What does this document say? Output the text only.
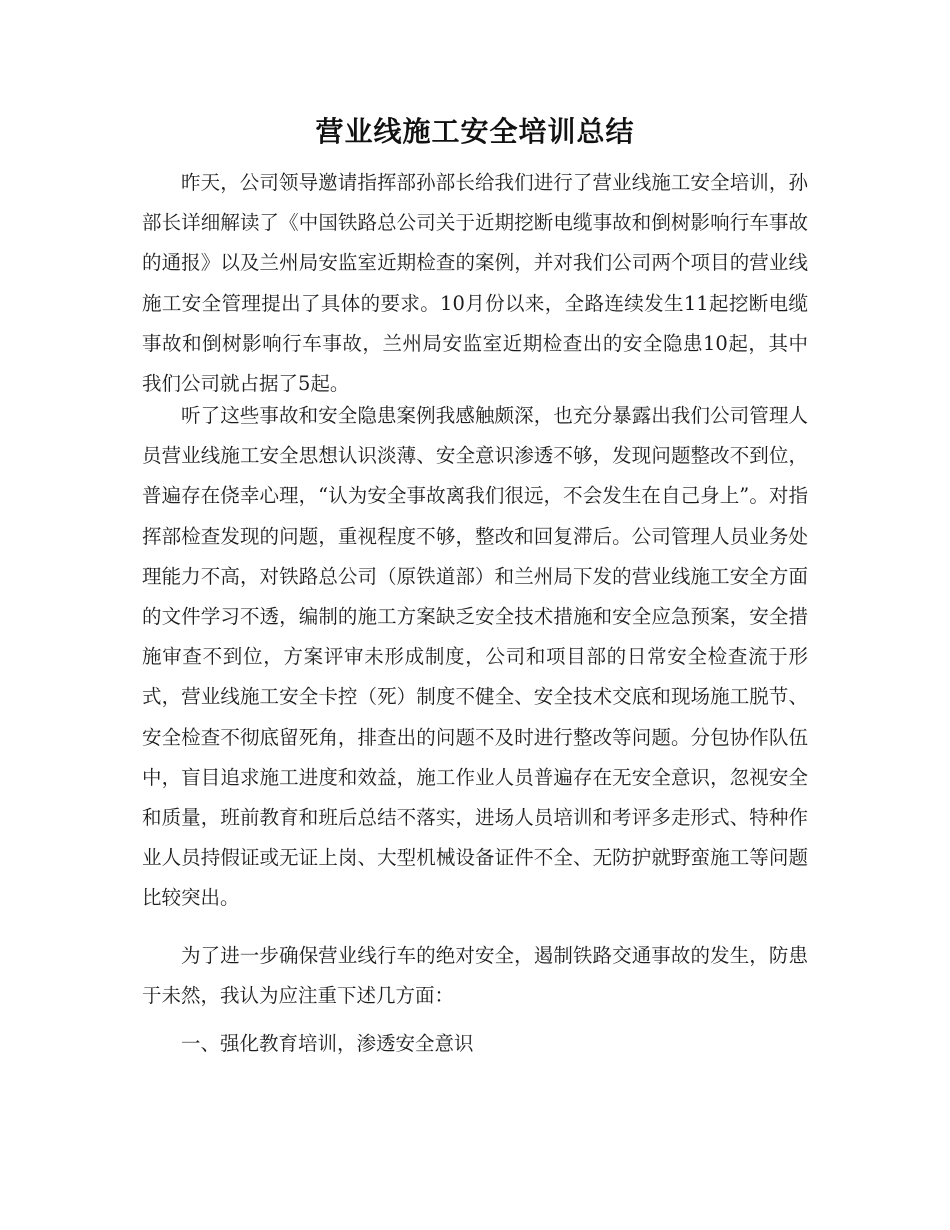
营业线施工安全培训总结

昨天，公司领导邀请指挥部孙部长给我们进行了营业线施工安全培训，孙部长详细解读了《中国铁路总公司关于近期挖断电缆事故和倒树影响行车事故的通报》以及兰州局安监室近期检查的案例，并对我们公司两个项目的营业线施工安全管理提出了具体的要求。10月份以来，全路连续发生11起挖断电缆事故和倒树影响行车事故，兰州局安监室近期检查出的安全隐患10起，其中我们公司就占据了5起。

听了这些事故和安全隐患案例我感触颇深，也充分暴露出我们公司管理人员营业线施工安全思想认识淡薄、安全意识渗透不够，发现问题整改不到位，普遍存在侥幸心理，“认为安全事故离我们很远，不会发生在自己身上”。对指挥部检查发现的问题，重视程度不够，整改和回复滞后。公司管理人员业务处理能力不高，对铁路总公司（原铁道部）和兰州局下发的营业线施工安全方面的文件学习不透，编制的施工方案缺乏安全技术措施和安全应急预案，安全措施审查不到位，方案评审未形成制度，公司和项目部的日常安全检查流于形式，营业线施工安全卡控（死）制度不健全、安全技术交底和现场施工脱节、安全检查不彻底留死角，排查出的问题不及时进行整改等问题。分包协作队伍中，盲目追求施工进度和效益，施工作业人员普遍存在无安全意识，忽视安全和质量，班前教育和班后总结不落实，进场人员培训和考评多走形式、特种作业人员持假证或无证上岗、大型机械设备证件不全、无防护就野蛮施工等问题比较突出。

为了进一步确保营业线行车的绝对安全，遏制铁路交通事故的发生，防患于未然，我认为应注重下述几方面：

一、强化教育培训，渗透安全意识
